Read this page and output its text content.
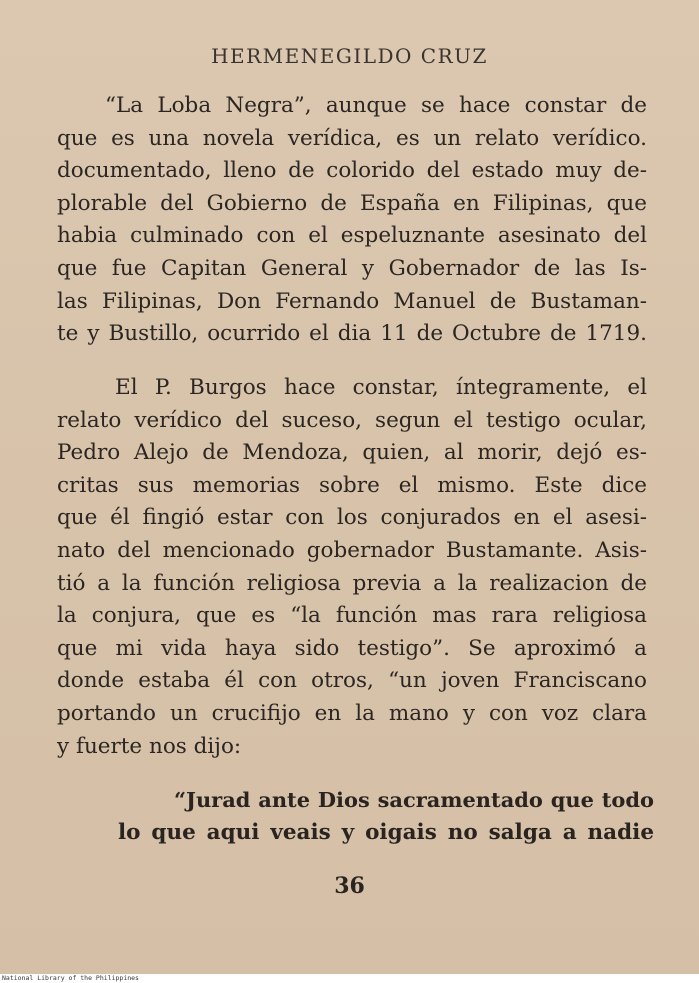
HERMENEGILDO CRUZ
“La Loba Negra”, aunque se hace constar de
que es una novela verídica, es un relato verídico.
documentado, lleno de colorido del estado muy de-
plorable del Gobierno de España en Filipinas, que
habia culminado con el espeluznante asesinato del
que fue Capitan General y Gobernador de las Is-
las Filipinas, Don Fernando Manuel de Bustaman-
te y Bustillo, ocurrido el dia 11 de Octubre de 1719.
El P. Burgos hace constar, íntegramente, el
relato verídico del suceso, segun el testigo ocular,
Pedro Alejo de Mendoza, quien, al morir, dejó es-
critas sus memorias sobre el mismo. Este dice
que él fingió estar con los conjurados en el asesi-
nato del mencionado gobernador Bustamante. Asis-
tió a la función religiosa previa a la realizacion de
la conjura, que es “la función mas rara religiosa
que mi vida haya sido testigo”. Se aproximó a
donde estaba él con otros, “un joven Franciscano
portando un crucifijo en la mano y con voz clara
y fuerte nos dijo:
“Jurad ante Dios sacramentado que todo
lo que aqui veais y oigais no salga a nadie
36
National Library of the Philippines
